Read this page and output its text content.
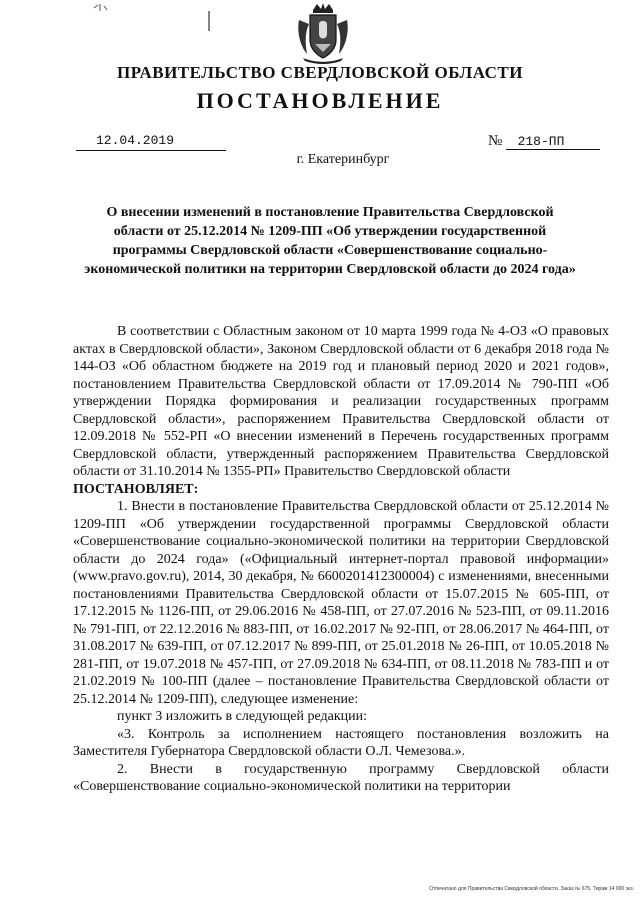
ПРАВИТЕЛЬСТВО СВЕРДЛОВСКОЙ ОБЛАСТИ
ПОСТАНОВЛЕНИЕ
12.04.2019	№ 218-ПП
г. Екатеринбург
О внесении изменений в постановление Правительства Свердловской области от 25.12.2014 № 1209-ПП «Об утверждении государственной программы Свердловской области «Совершенствование социально-экономической политики на территории Свердловской области до 2024 года»

В соответствии с Областным законом от 10 марта 1999 года № 4-ОЗ «О правовых актах в Свердловской области», Законом Свердловской области от 6 декабря 2018 года № 144-ОЗ «Об областном бюджете на 2019 год и плановый период 2020 и 2021 годов», постановлением Правительства Свердловской области от 17.09.2014 № 790-ПП «Об утверждении Порядка формирования и реализации государственных программ Свердловской области», распоряжением Правительства Свердловской области от 12.09.2018 № 552-РП «О внесении изменений в Перечень государственных программ Свердловской области, утвержденный распоряжением Правительства Свердловской области от 31.10.2014 № 1355-РП» Правительство Свердловской области

ПОСТАНОВЛЯЕТ:

1. Внести в постановление Правительства Свердловской области от 25.12.2014 № 1209-ПП «Об утверждении государственной программы Свердловской области «Совершенствование социально-экономической политики на территории Свердловской области до 2024 года» («Официальный интернет-портал правовой информации» (www.pravo.gov.ru), 2014, 30 декабря, № 6600201412300004) с изменениями, внесенными постановлениями Правительства Свердловской области от 15.07.2015 № 605-ПП, от 17.12.2015 № 1126-ПП, от 29.06.2016 № 458-ПП, от 27.07.2016 № 523-ПП, от 09.11.2016 № 791-ПП, от 22.12.2016 № 883-ПП, от 16.02.2017 № 92-ПП, от 28.06.2017 № 464-ПП, от 31.08.2017 № 639-ПП, от 07.12.2017 № 899-ПП, от 25.01.2018 № 26-ПП, от 10.05.2018 № 281-ПП, от 19.07.2018 № 457-ПП, от 27.09.2018 № 634-ПП, от 08.11.2018 № 783-ПП и от 21.02.2019 № 100-ПП (далее – постановление Правительства Свердловской области от 25.12.2014 № 1209-ПП), следующее изменение:

пункт 3 изложить в следующей редакции:

«3. Контроль за исполнением настоящего постановления возложить на Заместителя Губернатора Свердловской области О.Л. Чемезова.».

2. Внести в государственную программу Свердловской области «Совершенствование социально-экономической политики на территории

Отпечатано для Правительства Свердловской области. Заказ № 675. Тираж 14 000 экз.
